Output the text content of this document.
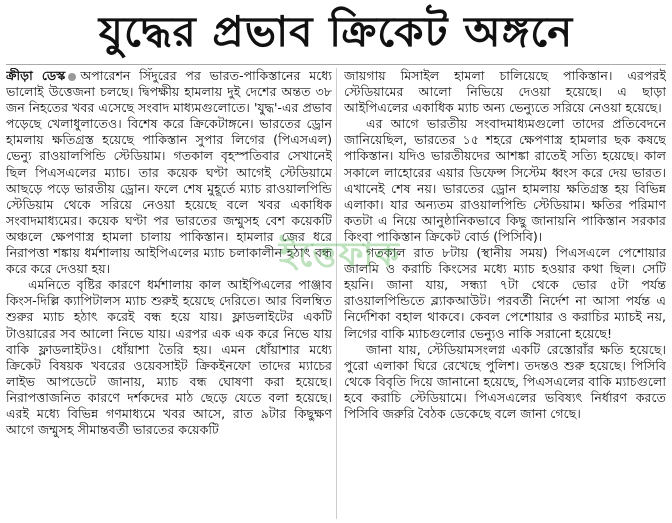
যুদ্ধের প্রভাব ক্রিকেট অঙ্গনে

ক্রীড়া ডেস্ক অপারেশন সিঁদুরের পর ভারত-পাকিস্তানের মধ্যে ভালোই উত্তেজনা চলছে। দ্বিপক্ষীয় হামলায় দুই দেশের অন্তত ৩৮ জন নিহতের খবর এসেছে সংবাদ মাধ্যমগুলোতে। 'যুদ্ধ'-এর প্রভাব পড়েছে খেলাধুলাতেও। বিশেষ করে ক্রিকেটাঙ্গনে। ভারতের ড্রোন হামলায় ক্ষতিগ্রস্ত হয়েছে পাকিস্তান সুপার লিগের (পিএসএল) ভেন্যু রাওয়ালপিন্ডি স্টেডিয়াম। গতকাল বৃহস্পতিবার সেখানেই ছিল পিএসএলের ম্যাচ। তার কয়েক ঘণ্টা আগেই স্টেডিয়ামে আছড়ে পড়ে ভারতীয় ড্রোন। ফলে শেষ মুহূর্তে ম্যাচ রাওয়ালপিন্ডি স্টেডিয়াম থেকে সরিয়ে নেওয়া হয়েছে বলে খবর একাধিক সংবাদমাধ্যমের। কয়েক ঘণ্টা পর ভারতের জম্মুসহ বেশ কয়েকটি অঞ্চলে ক্ষেপণাস্ত্র হামলা চালায় পাকিস্তান। হামলার জের ধরে নিরাপত্তা শঙ্কায় ধর্মশালায় আইপিএলের ম্যাচ চলাকালীন হঠাৎ বন্ধ করে করে দেওয়া হয়।

এমনিতে বৃষ্টির কারণে ধর্মশালায় কাল আইপিএলের পাঞ্জাব কিংস-দিল্লি ক্যাপিটালস ম্যাচ শুরুই হয়েছে দেরিতে। আর বিলম্বিত শুরুর ম্যাচ হঠাৎ করেই বন্ধ হয়ে যায়। ফ্লাডলাইটের একটি টাওয়ারের সব আলো নিভে যায়। এরপর এক এক করে নিভে যায় বাকি ফ্লাডলাইটও। ধোঁয়াশা তৈরি হয়। এমন ধোঁয়াশার মধ্যে ক্রিকেট বিষয়ক খবরের ওয়েবসাইট ক্রিকইনফো তাদের ম্যাচের লাইভ আপডেটে জানায়, ম্যাচ বন্ধ ঘোষণা করা হয়েছে। নিরাপত্তাজনিত কারণে দর্শকদের মাঠ ছেড়ে যেতে বলা হয়েছে। এরই মধ্যে বিভিন্ন গণমাধ্যমে খবর আসে, রাত ৯টার কিছুক্ষণ আগে জম্মুসহ সীমান্তবর্তী ভারতের কয়েকটি

জায়গায় মিসাইল হামলা চালিয়েছে পাকিস্তান। এরপরই স্টেডিয়ামের আলো নিভিয়ে দেওয়া হয়েছে। এ ছাড়া আইপিএলের একাধিক ম্যাচ অন্য ভেন্যুতে সরিয়ে নেওয়া হয়েছে।

এর আগে ভারতীয় সংবাদমাধ্যমগুলো তাদের প্রতিবেদনে জানিয়েছিল, ভারতের ১৫ শহরে ক্ষেপণাস্ত্র হামলার ছক কষছে পাকিস্তান। যদিও ভারতীয়দের আশঙ্কা রাতেই সত্যি হয়েছে। কাল সকালে লাহোরের এয়ার ডিফেন্স সিস্টেম ধ্বংস করে দেয় ভারত। এখানেই শেষ নয়। ভারতের ড্রোন হামলায় ক্ষতিগ্রস্ত হয় বিভিন্ন এলাকা। যার অন্যতম রাওয়ালপিন্ডি স্টেডিয়াম। ক্ষতির পরিমাণ কতটা এ নিয়ে আনুষ্ঠানিকভাবে কিছু জানায়নি পাকিস্তান সরকার কিংবা পাকিস্তান ক্রিকেট বোর্ড (পিসিবি)।

গতকাল রাত ৮টায় (স্থানীয় সময়) পিএসএলে পেশোয়ার জালমি ও করাচি কিংসের মধ্যে ম্যাচ হওয়ার কথা ছিল। সেটি হয়নি। জানা যায়, সন্ধ্যা ৭টা থেকে ভোর ৫টা পর্যন্ত রাওয়ালপিন্ডিতে ব্ল্যাকআউট। পরবর্তী নির্দেশ না আসা পর্যন্ত এ নির্দেশিকা বহাল থাকবে। কেবল পেশোয়ার ও করাচির ম্যাচই নয়, লিগের বাকি ম্যাচগুলোর ভেন্যুও নাকি সরানো হয়েছে!

জানা যায়, স্টেডিয়ামসংলগ্ন একটি রেস্তোরাঁর ক্ষতি হয়েছে। পুরো এলাকা ঘিরে রেখেছে পুলিশ। তদন্তও শুরু হয়েছে। পিসিবি থেকে বিবৃতি দিয়ে জানানো হয়েছে, পিএসএলের বাকি ম্যাচগুলো হবে করাচি স্টেডিয়ামে। পিএসএলের ভবিষ্যৎ নির্ধারণ করতে পিসিবি জরুরি বৈঠক ডেকেছে বলে জানা গেছে।

ইত্তেফাক
